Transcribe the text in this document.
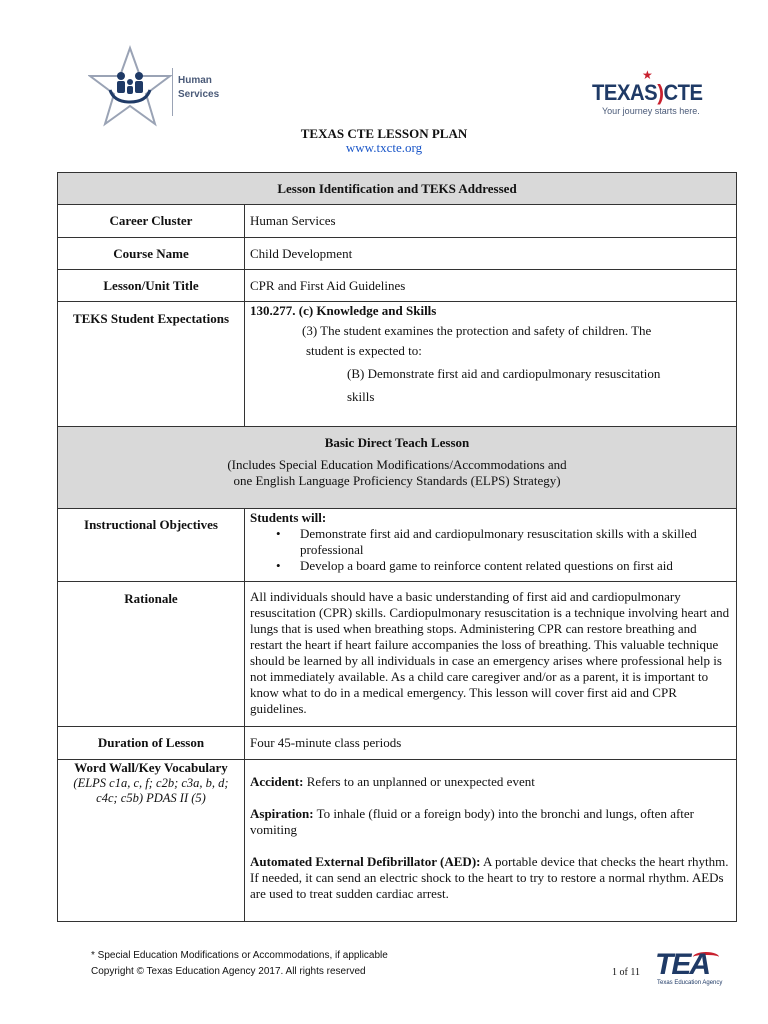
Human
Services
★
TEXAS)CTE
Your journey starts here.
TEXAS CTE LESSON PLAN
www.txcte.org
Lesson Identification and TEKS Addressed	
Career Cluster	Human Services
Course Name	Child Development
Lesson/Unit Title	CPR and First Aid Guidelines
TEKS Student Expectations	130.277. (c) Knowledge and Skills
(3) The student examines the protection and safety of children. The
student is expected to:
(B) Demonstrate first aid and cardiopulmonary resuscitation
skills

Basic Direct Teach Lesson
(Includes Special Education Modifications/Accommodations and
one English Language Proficiency Standards (ELPS) Strategy)	

Instructional Objectives	Students will:
• Demonstrate first aid and cardiopulmonary resuscitation skills with a skilled professional
• Develop a board game to reinforce content related questions on first aid

Rationale	All individuals should have a basic understanding of first aid and cardiopulmonary resuscitation (CPR) skills. Cardiopulmonary resuscitation is a technique involving heart and lungs that is used when breathing stops. Administering CPR can restore breathing and restart the heart if heart failure accompanies the loss of breathing. This valuable technique should be learned by all individuals in case an emergency arises where professional help is not immediately available. As a child care caregiver and/or as a parent, it is important to know what to do in a medical emergency. This lesson will cover first aid and CPR guidelines.
Duration of Lesson	Four 45-minute class periods

Word Wall/Key Vocabulary
(ELPS c1a, c, f; c2b; c3a, b, d; c4c; c5b) PDAS II (5)	Accident: Refers to an unplanned or unexpected event
Aspiration: To inhale (fluid or a foreign body) into the bronchi and lungs, often after vomiting
Automated External Defibrillator (AED): A portable device that checks the heart rhythm. If needed, it can send an electric shock to the heart to try to restore a normal rhythm. AEDs are used to treat sudden cardiac arrest.
* Special Education Modifications or Accommodations, if applicable
Copyright © Texas Education Agency 2017. All rights reserved	1 of 11 TEA
Texas Education Agency
